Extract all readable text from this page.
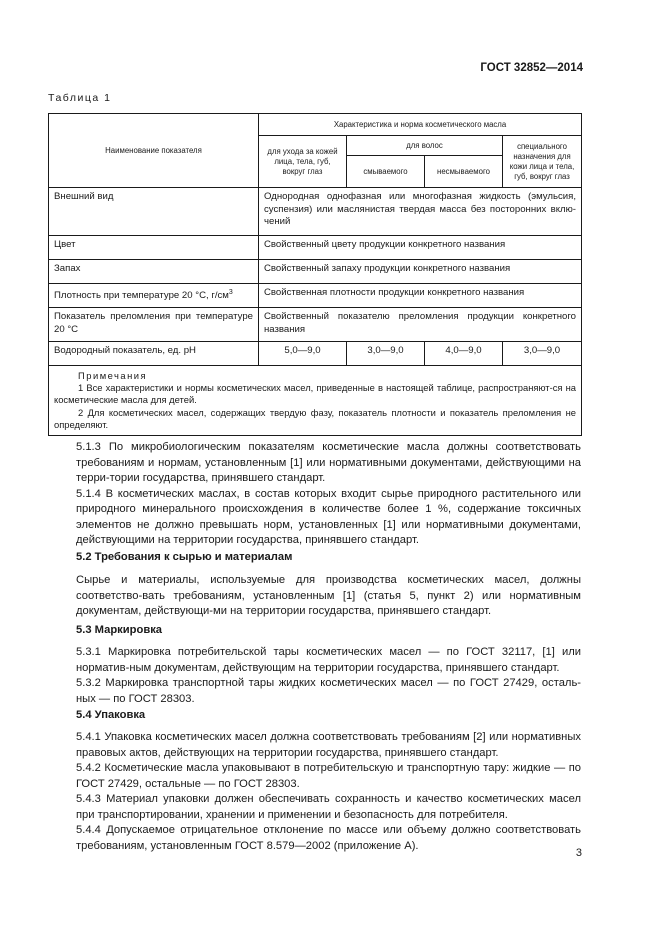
ГОСТ 32852—2014
Таблица 1
Наименование показателя	Характеристика и норма косметического масла			
	для ухода за кожей лица, тела, губ, вокруг глаз	для волос		специального назначения для кожи лица и тела, губ, вокруг глаз
		смываемого	несмываемого	
Внешний вид	Однородная однофазная или многофазная жидкость (эмульсия, суспензия) или маслянистая твердая масса без посторонних вклю-чений			
Цвет	Свойственный цвету продукции конкретного названия			
Запах	Свойственный запаху продукции конкретного названия			
Плотность при температуре 20 °С, $г/см^3$	Свойственная плотности продукции конкретного названия			
Показатель преломления при температуре 20 °С	Свойственный показателю преломления продукции конкретного названия			
Водородный показатель, ед. pH	5,0—9,0	3,0—9,0	4,0—9,0	3,0—9,0

Примечания
1 Все характеристики и нормы косметических масел, приведенные в настоящей таблице, распространяют-ся на косметические масла для детей.
2 Для косметических масел, содержащих твердую фазу, показатель плотности и показатель преломления не определяют.				

5.1.3 По микробиологическим показателям косметические масла должны соответствовать требованиям и нормам, установленным [1] или нормативными документами, действующими на терри-тории государства, принявшего стандарт.

5.1.4 В косметических маслах, в состав которых входит сырье природного растительного или природного минерального происхождения в количестве более 1 %, содержание токсичных элементов не должно превышать норм, установленных [1] или нормативными документами, действующими на территории государства, принявшего стандарт.

5.2 Требования к сырью и материалам

Сырье и материалы, используемые для производства косметических масел, должны соответство-вать требованиям, установленным [1] (статья 5, пункт 2) или нормативным документам, действующи-ми на территории государства, принявшего стандарт.

5.3 Маркировка

5.3.1 Маркировка потребительской тары косметических масел — по ГОСТ 32117, [1] или норматив-ным документам, действующим на территории государства, принявшего стандарт.

5.3.2 Маркировка транспортной тары жидких косметических масел — по ГОСТ 27429, осталь-ных — по ГОСТ 28303.

5.4 Упаковка

5.4.1 Упаковка косметических масел должна соответствовать требованиям [2] или нормативных правовых актов, действующих на территории государства, принявшего стандарт.

5.4.2 Косметические масла упаковывают в потребительскую и транспортную тару: жидкие — по ГОСТ 27429, остальные — по ГОСТ 28303.

5.4.3 Материал упаковки должен обеспечивать сохранность и качество косметических масел при транспортировании, хранении и применении и безопасность для потребителя.

5.4.4 Допускаемое отрицательное отклонение по массе или объему должно соответствовать требованиям, установленным ГОСТ 8.579—2002 (приложение А).

3
